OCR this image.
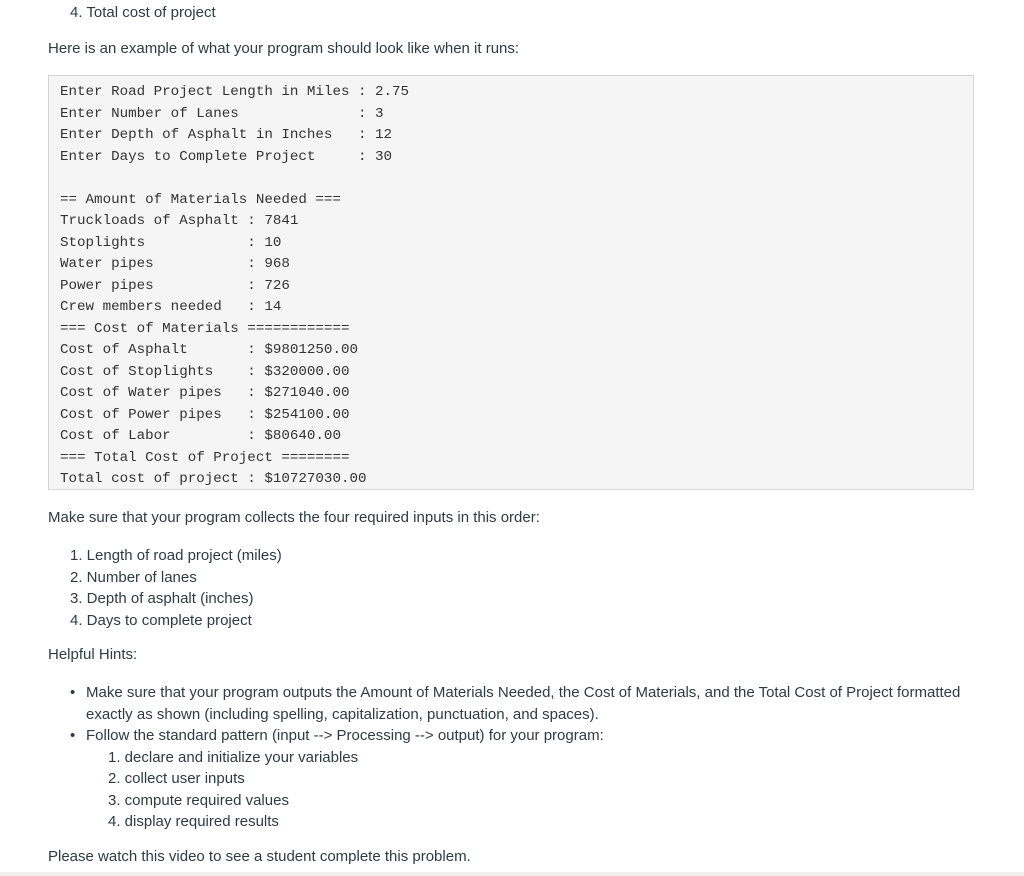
4. Total cost of project
Here is an example of what your program should look like when it runs:
Enter Road Project Length in Miles : 2.75
Enter Number of Lanes              : 3
Enter Depth of Asphalt in Inches   : 12
Enter Days to Complete Project     : 30

== Amount of Materials Needed ===
Truckloads of Asphalt : 7841
Stoplights            : 10
Water pipes           : 968
Power pipes           : 726
Crew members needed   : 14
=== Cost of Materials ============
Cost of Asphalt       : $9801250.00
Cost of Stoplights    : $320000.00
Cost of Water pipes   : $271040.00
Cost of Power pipes   : $254100.00
Cost of Labor         : $80640.00
=== Total Cost of Project ========
Total cost of project : $10727030.00
Make sure that your program collects the four required inputs in this order:
1. Length of road project (miles)
2. Number of lanes
3. Depth of asphalt (inches)
4. Days to complete project
Helpful Hints:
• Make sure that your program outputs the Amount of Materials Needed, the Cost of Materials, and the Total Cost of Project formatted exactly as shown (including spelling, capitalization, punctuation, and spaces).
• Follow the standard pattern (input --> Processing --> output) for your program:
1. declare and initialize your variables
2. collect user inputs
3. compute required values
4. display required results
Please watch this video to see a student complete this problem.
